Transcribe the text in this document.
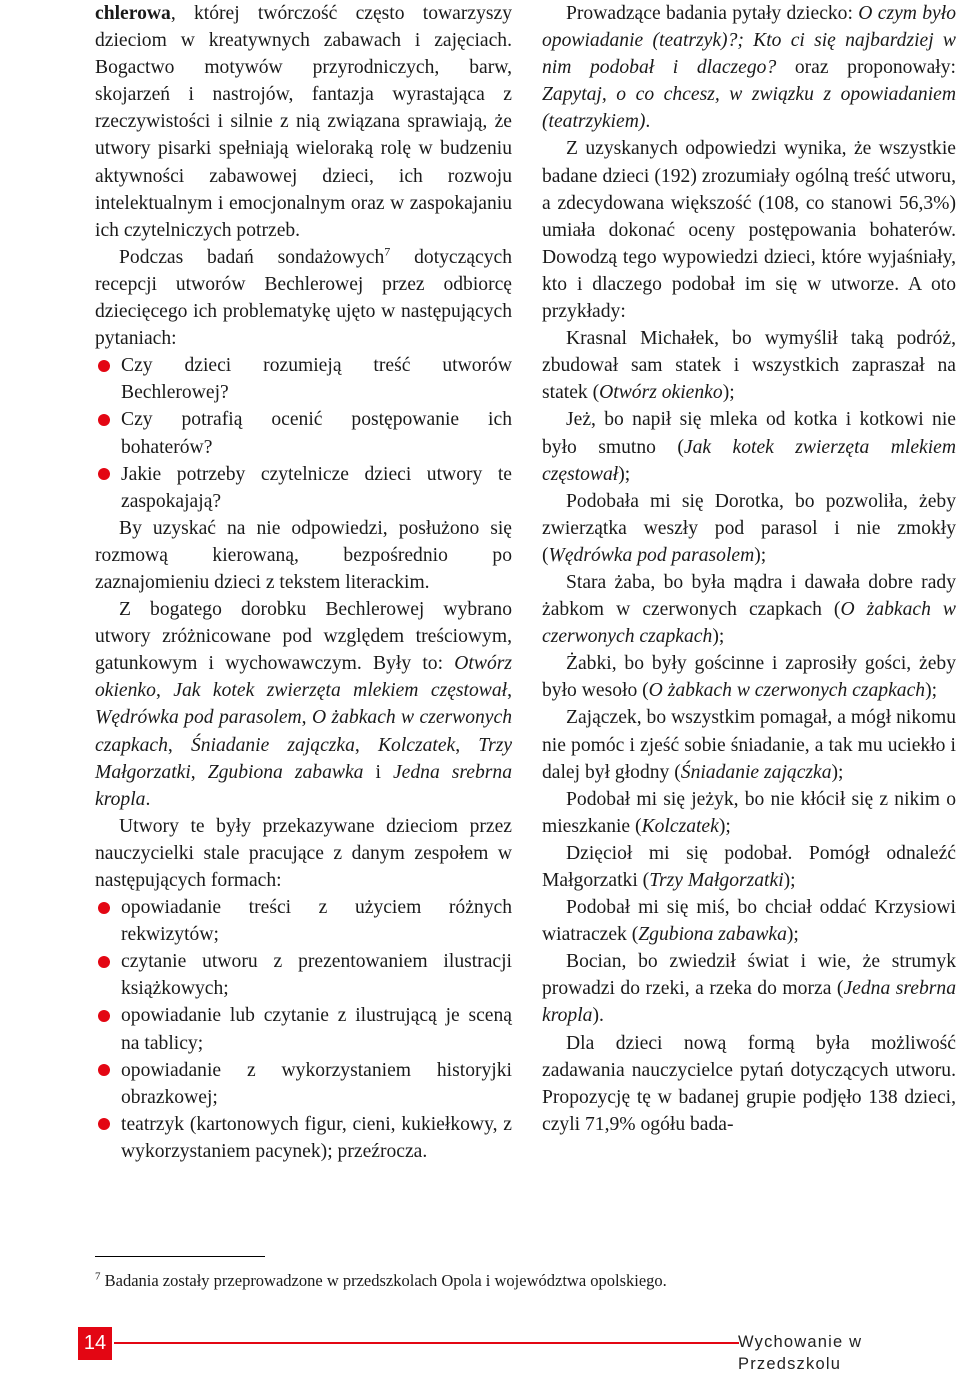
chlerowa, której twórczość często towarzyszy dzieciom w kreatywnych zabawach i zajęciach. Bogactwo motywów przyrodniczych, barw, skojarzeń i nastrojów, fantazja wyrastająca z rzeczywistości i silnie z nią związana sprawiają, że utwory pisarki spełniają wieloraką rolę w budzeniu aktywności zabawowej dzieci, ich rozwoju intelektualnym i emocjonalnym oraz w zaspokajaniu ich czytelniczych potrzeb.

Podczas badań sondażowych$^7$ dotyczących recepcji utworów Bechlerowej przez odbiorcę dziecięcego ich problematykę ujęto w następujących pytaniach:

Czy dzieci rozumieją treść utworów Bechlerowej?

Czy potrafią ocenić postępowanie ich bohaterów?

Jakie potrzeby czytelnicze dzieci utwory te zaspokajają?

By uzyskać na nie odpowiedzi, posłużono się rozmową kierowaną, bezpośrednio po zaznajomieniu dzieci z tekstem literackim.

Z bogatego dorobku Bechlerowej wybrano utwory zróżnicowane pod względem treściowym, gatunkowym i wychowawczym. Były to: Otwórz okienko, Jak kotek zwierzęta mlekiem częstował, Wędrówka pod parasolem, O żabkach w czerwonych czapkach, Śniadanie zajączka, Kolczatek, Trzy Małgorzatki, Zgubiona zabawka i Jedna srebrna kropla.

Utwory te były przekazywane dzieciom przez nauczycielki stale pracujące z danym zespołem w następujących formach:

opowiadanie treści z użyciem różnych rekwizytów;

czytanie utworu z prezentowaniem ilustracji książkowych;

opowiadanie lub czytanie z ilustrującą je sceną na tablicy;

opowiadanie z wykorzystaniem historyjki obrazkowej;

teatrzyk (kartonowych figur, cieni, kukiełkowy, z wykorzystaniem pacynek); przeźrocza.

Prowadzące badania pytały dziecko: O czym było opowiadanie (teatrzyk)?; Kto ci się najbardziej w nim podobał i dlaczego? oraz proponowały: Zapytaj, o co chcesz, w związku z opowiadaniem (teatrzykiem).

Z uzyskanych odpowiedzi wynika, że wszystkie badane dzieci (192) zrozumiały ogólną treść utworu, a zdecydowana większość (108, co stanowi 56,3%) umiała dokonać oceny postępowania bohaterów. Dowodzą tego wypowiedzi dzieci, które wyjaśniały, kto i dlaczego podobał im się w utworze. A oto przykłady:

Krasnal Michałek, bo wymyślił taką podróż, zbudował sam statek i wszystkich zapraszał na statek (Otwórz okienko);

Jeż, bo napił się mleka od kotka i kotkowi nie było smutno (Jak kotek zwierzęta mlekiem częstował);

Podobała mi się Dorotka, bo pozwoliła, żeby zwierzątka weszły pod parasol i nie zmokły (Wędrówka pod parasolem);

Stara żaba, bo była mądra i dawała dobre rady żabkom w czerwonych czapkach (O żabkach w czerwonych czapkach);

Żabki, bo były gościnne i zaprosiły gości, żeby było wesoło (O żabkach w czerwonych czapkach);

Zajączek, bo wszystkim pomagał, a mógł nikomu nie pomóc i zjeść sobie śniadanie, a tak mu uciekło i dalej był głodny (Śniadanie zajączka);

Podobał mi się jeżyk, bo nie kłócił się z nikim o mieszkanie (Kolczatek);

Dzięcioł mi się podobał. Pomógł odnaleźć Małgorzatki (Trzy Małgorzatki);

Podobał mi się miś, bo chciał oddać Krzysiowi wiatraczek (Zgubiona zabawka);

Bocian, bo zwiedził świat i wie, że strumyk prowadzi do rzeki, a rzeka do morza (Jedna srebrna kropla).

Dla dzieci nową formą była możliwość zadawania nauczycielce pytań dotyczących utworu. Propozycję tę w badanej grupie podjęło 138 dzieci, czyli 71,9% ogółu bada-

$^7$ Badania zostały przeprowadzone w przedszkolach Opola i województwa opolskiego.
14	Wychowanie w Przedszkolu
